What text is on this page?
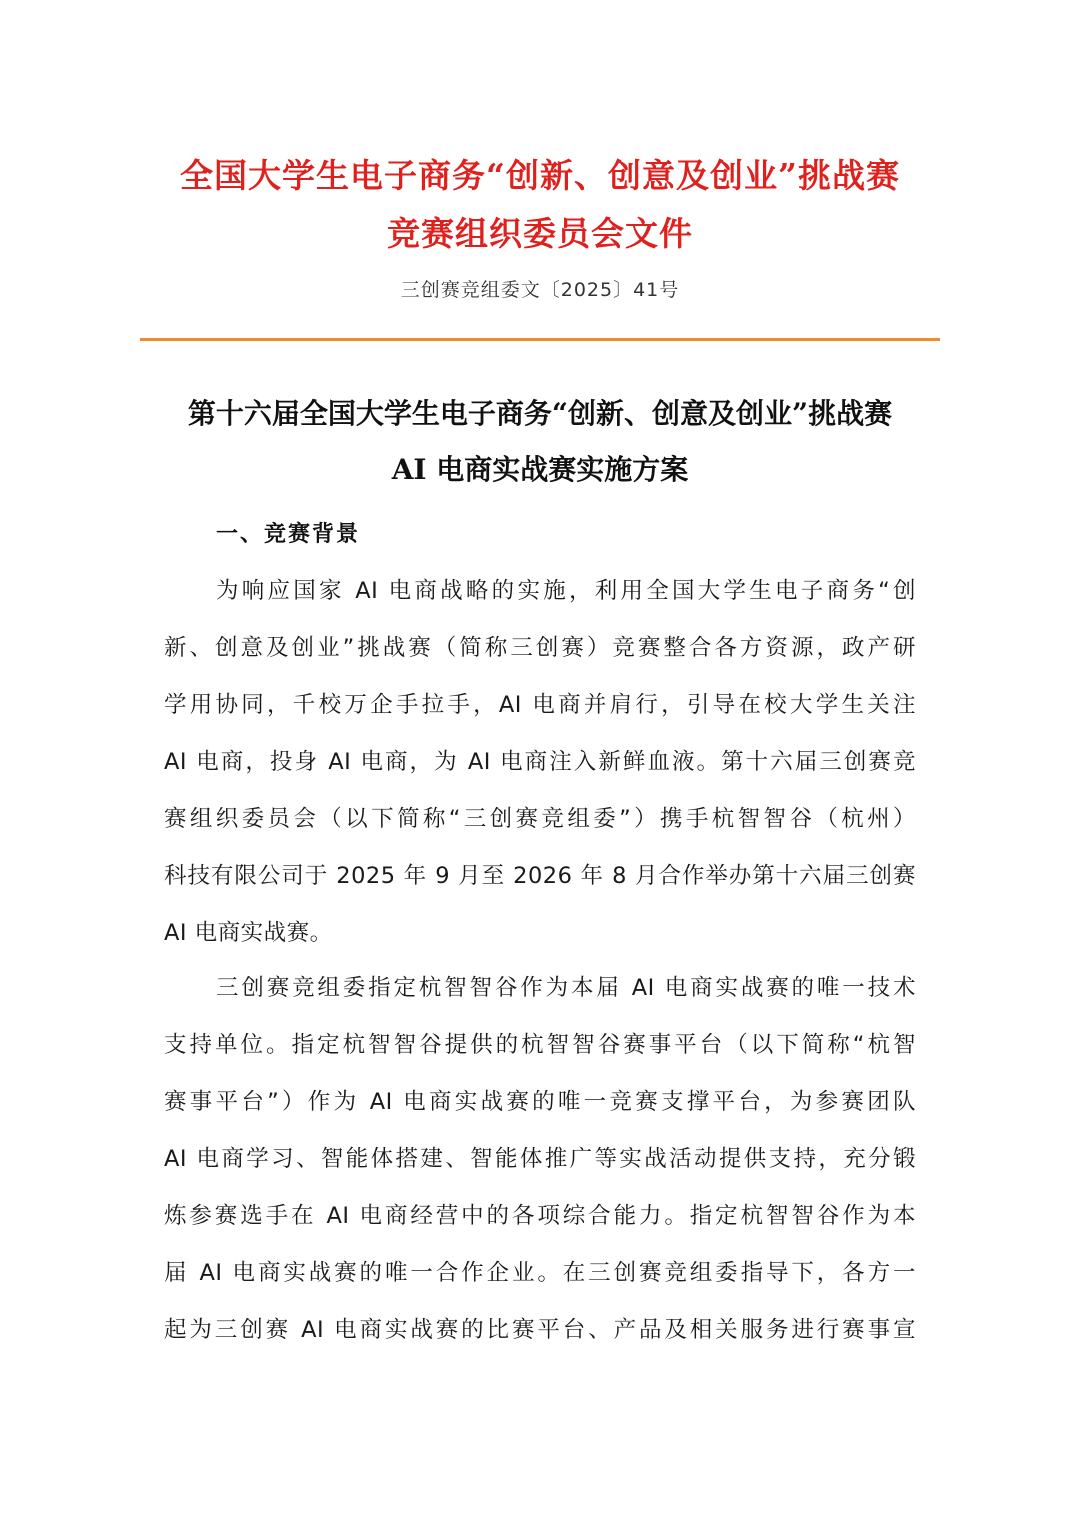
全国大学生电子商务“创新、创意及创业”挑战赛
竞赛组织委员会文件
三创赛竞组委文〔2025〕41号
第十六届全国大学生电子商务“创新、创意及创业”挑战赛
AI 电商实战赛实施方案
一、竞赛背景
为响应国家 AI 电商战略的实施，利用全国大学生电子商务“创
新、创意及创业”挑战赛（简称三创赛）竞赛整合各方资源，政产研
学用协同，千校万企手拉手，AI 电商并肩行，引导在校大学生关注
AI 电商，投身 AI 电商，为 AI 电商注入新鲜血液。第十六届三创赛竞
赛组织委员会（以下简称“三创赛竞组委”）携手杭智智谷（杭州）
科技有限公司于 2025 年 9 月至 2026 年 8 月合作举办第十六届三创赛
AI 电商实战赛。
三创赛竞组委指定杭智智谷作为本届 AI 电商实战赛的唯一技术
支持单位。指定杭智智谷提供的杭智智谷赛事平台（以下简称“杭智
赛事平台”）作为 AI 电商实战赛的唯一竞赛支撑平台，为参赛团队
AI 电商学习、智能体搭建、智能体推广等实战活动提供支持，充分锻
炼参赛选手在 AI 电商经营中的各项综合能力。指定杭智智谷作为本
届 AI 电商实战赛的唯一合作企业。在三创赛竞组委指导下，各方一
起为三创赛 AI 电商实战赛的比赛平台、产品及相关服务进行赛事宣
